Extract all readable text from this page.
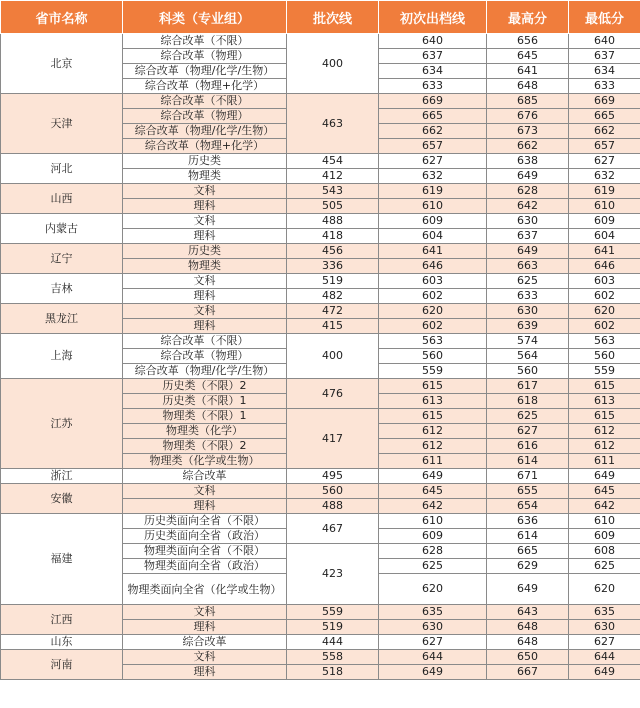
省市名称	科类（专业组）	批次线	初次出档线	最高分	最低分
北京	综合改革（不限）	400	640	656	640
	综合改革（物理）		637	645	637
	综合改革（物理/化学/生物）		634	641	634
	综合改革（物理+化学）		633	648	633
天津	综合改革（不限）	463	669	685	669
	综合改革（物理）		665	676	665
	综合改革（物理/化学/生物）		662	673	662
	综合改革（物理+化学）		657	662	657
河北	历史类	454	627	638	627
	物理类	412	632	649	632
山西	文科	543	619	628	619
	理科	505	610	642	610
内蒙古	文科	488	609	630	609
	理科	418	604	637	604
辽宁	历史类	456	641	649	641
	物理类	336	646	663	646
吉林	文科	519	603	625	603
	理科	482	602	633	602
黑龙江	文科	472	620	630	620
	理科	415	602	639	602
上海	综合改革（不限）	400	563	574	563
	综合改革（物理）		560	564	560
	综合改革（物理/化学/生物）		559	560	559
江苏	历史类（不限）2	476	615	617	615
	历史类（不限）1		613	618	613
	物理类（不限）1	417	615	625	615
	物理类（化学）		612	627	612
	物理类（不限）2		612	616	612
	物理类（化学或生物）		611	614	611
浙江	综合改革	495	649	671	649
安徽	文科	560	645	655	645
	理科	488	642	654	642
福建	历史类面向全省（不限）	467	610	636	610
	历史类面向全省（政治）		609	614	609
	物理类面向全省（不限）	423	628	665	608
	物理类面向全省（政治）		625	629	625
	物理类面向全省（化学或生物）		620	649	620
江西	文科	559	635	643	635
	理科	519	630	648	630
山东	综合改革	444	627	648	627
河南	文科	558	644	650	644
	理科	518	649	667	649
